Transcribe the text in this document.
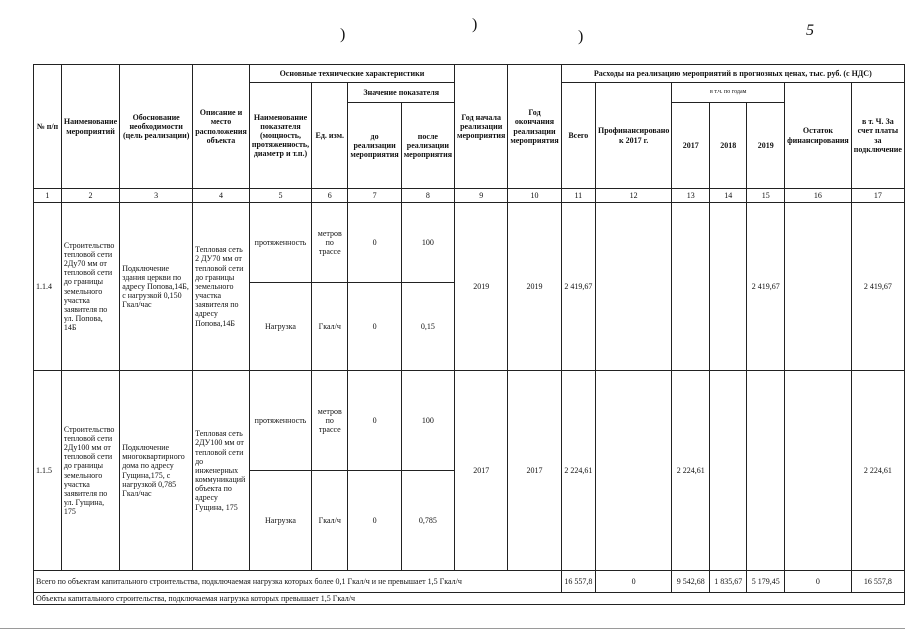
)
)
)	5
№ п/п	Наименование мероприятий	Обоснование необходимости (цель реализации)	Описание и место расположения объекта	Основные технические характеристики				Год начала реализации мероприятия	Год окончания реализации мероприятия	Расходы на реализацию мероприятий в прогнозных ценах, тыс. руб. (с НДС)						
				Наименование показателя (мощность, протяженность, диаметр и т.п.)	Ед. изм.	Значение показателя				Всего	Профинансировано к 2017 г.	в т.ч. по годам			Остаток финансирования	в т. Ч. За счет платы за подключение
						до реализации мероприятия	после реализации мероприятия					2017	2018	2019		
1	2	3	4	5	6	7	8	9	10	11	12	13	14	15	16	17
1.1.4	Строительство тепловой сети 2Ду70 мм от тепловой сети до границы земельного участка заявителя по ул. Попова, 14Б	Подключение здания церкви по адресу Попова,14Б, с нагрузкой 0,150 Гкал/час	Тепловая сеть 2 ДУ70 мм от тепловой сети до границы земельного участка заявителя по адресу Попова,14Б	протяженность	метров по трассе	0	100	2019	2019	2 419,67				2 419,67		2 419,67
				Нагрузка	Гкал/ч	0	0,15									
1.1.5	Строительство тепловой сети 2Ду100 мм от тепловой сети до границы земельного участка заявителя по ул. Гущина, 175	Подключение многоквартирного дома по адресу Гущина,175, с нагрузкой 0,785 Гкал/час	Тепловая сеть 2ДУ100 мм от тепловой сети до инженерных коммуникаций объекта по адресу Гущина, 175	протяженность	метров по трассе	0	100	2017	2017	2 224,61		2 224,61				2 224,61
				Нагрузка	Гкал/ч	0	0,785									
Всего по объектам капитального строительства, подключаемая нагрузка которых более 0,1 Гкал/ч и не превышает 1,5 Гкал/ч										16 557,8	0	9 542,68	1 835,67	5 179,45	0	16 557,8
Объекты капитального строительства, подключаемая нагрузка которых превышает 1,5 Гкал/ч																
